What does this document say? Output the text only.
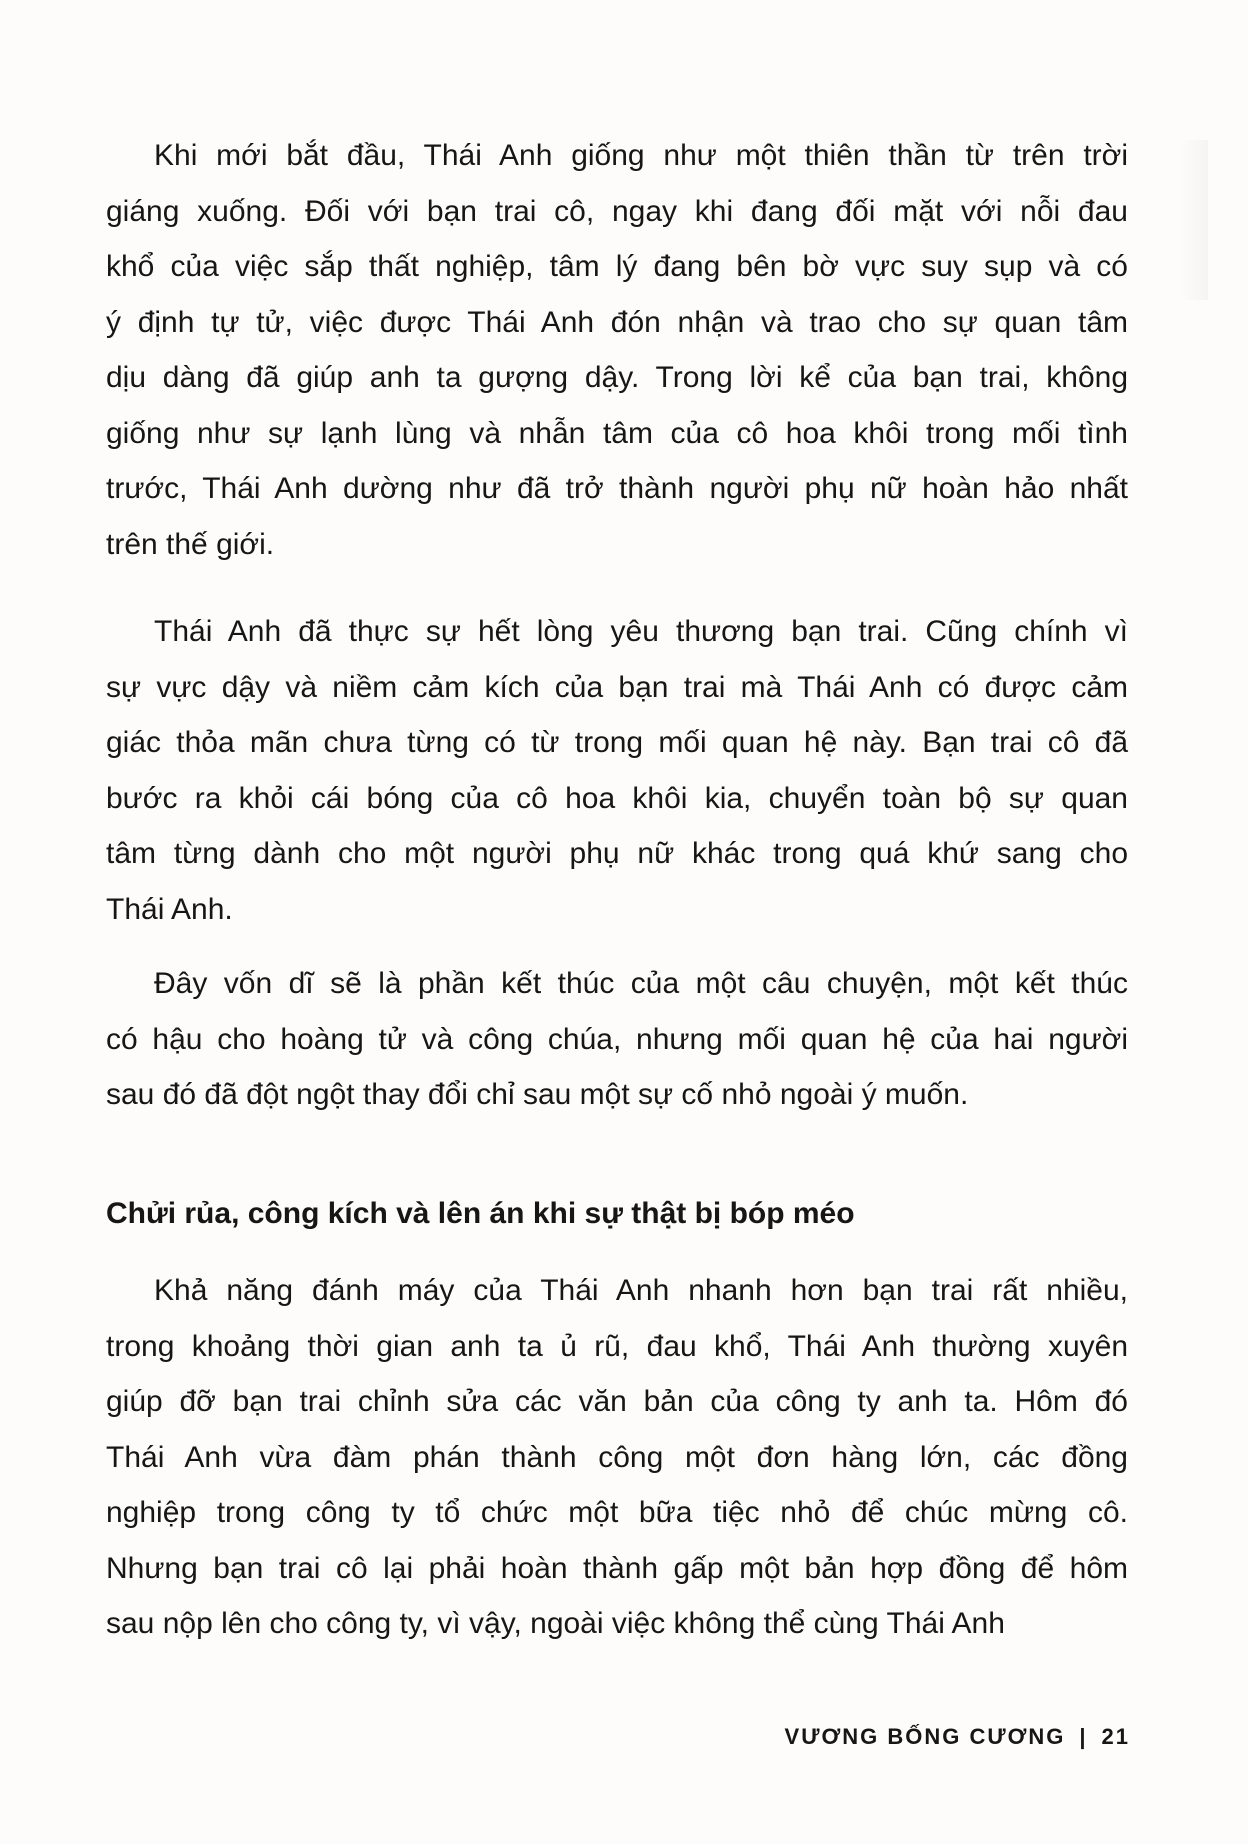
Khi mới bắt đầu, Thái Anh giống như một thiên thần từ trên trời
giáng xuống. Đối với bạn trai cô, ngay khi đang đối mặt với nỗi đau
khổ của việc sắp thất nghiệp, tâm lý đang bên bờ vực suy sụp và có
ý định tự tử, việc được Thái Anh đón nhận và trao cho sự quan tâm
dịu dàng đã giúp anh ta gượng dậy. Trong lời kể của bạn trai, không
giống như sự lạnh lùng và nhẫn tâm của cô hoa khôi trong mối tình
trước, Thái Anh dường như đã trở thành người phụ nữ hoàn hảo nhất
trên thế giới.
Thái Anh đã thực sự hết lòng yêu thương bạn trai. Cũng chính vì
sự vực dậy và niềm cảm kích của bạn trai mà Thái Anh có được cảm
giác thỏa mãn chưa từng có từ trong mối quan hệ này. Bạn trai cô đã
bước ra khỏi cái bóng của cô hoa khôi kia, chuyển toàn bộ sự quan
tâm từng dành cho một người phụ nữ khác trong quá khứ sang cho
Thái Anh.
Đây vốn dĩ sẽ là phần kết thúc của một câu chuyện, một kết thúc
có hậu cho hoàng tử và công chúa, nhưng mối quan hệ của hai người
sau đó đã đột ngột thay đổi chỉ sau một sự cố nhỏ ngoài ý muốn.
Chửi rủa, công kích và lên án khi sự thật bị bóp méo
Khả năng đánh máy của Thái Anh nhanh hơn bạn trai rất nhiều,
trong khoảng thời gian anh ta ủ rũ, đau khổ, Thái Anh thường xuyên
giúp đỡ bạn trai chỉnh sửa các văn bản của công ty anh ta. Hôm đó
Thái Anh vừa đàm phán thành công một đơn hàng lớn, các đồng
nghiệp trong công ty tổ chức một bữa tiệc nhỏ để chúc mừng cô.
Nhưng bạn trai cô lại phải hoàn thành gấp một bản hợp đồng để hôm
sau nộp lên cho công ty, vì vậy, ngoài việc không thể cùng Thái Anh
VƯƠNG BỐNG CƯƠNG | 21
